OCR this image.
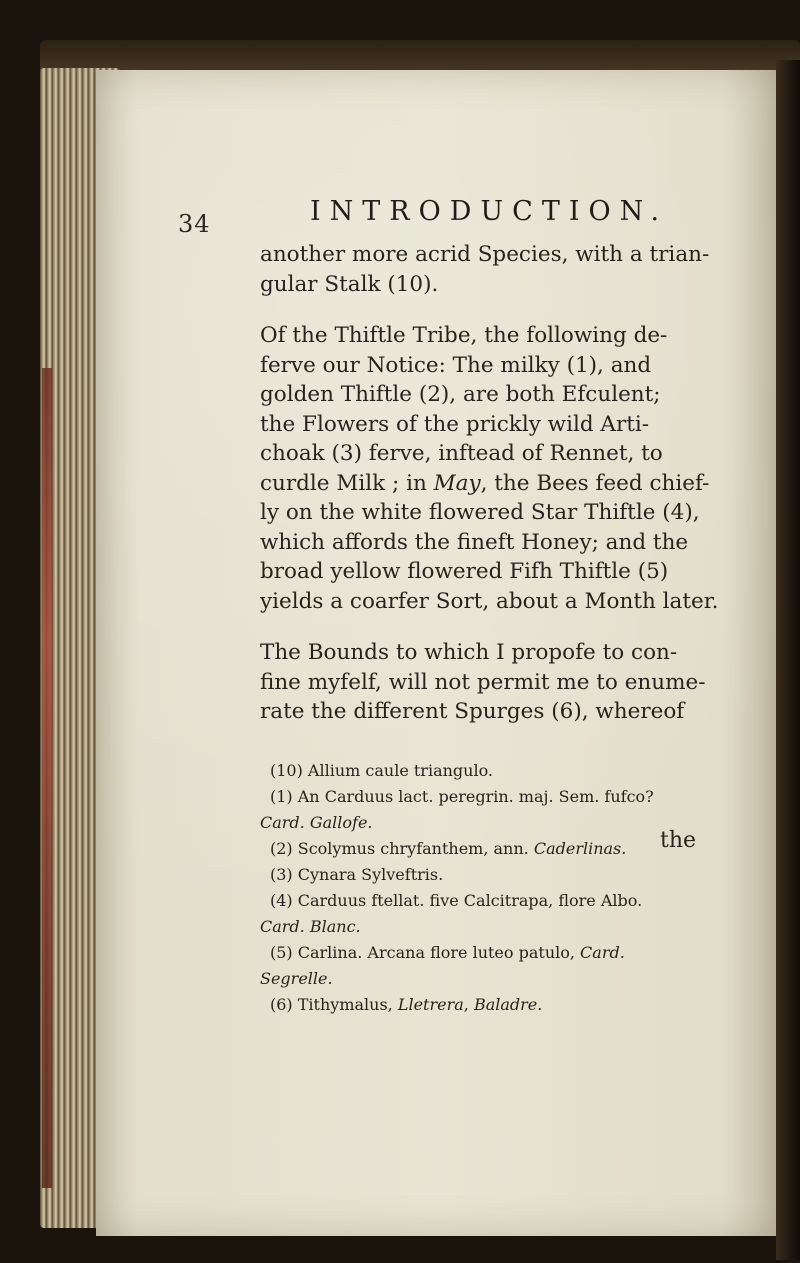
34	INTRODUCTION.
another more acrid Species, with a trian-
gular Stalk (10).
Of the Thiftle Tribe, the following de-
ferve our Notice: The milky (1), and
golden Thiftle (2), are both Efculent;
the Flowers of the prickly wild Arti-
choak (3) ferve, inftead of Rennet, to
curdle Milk ; in May, the Bees feed chief-
ly on the white flowered Star Thiftle (4),
which affords the fineft Honey; and the
broad yellow flowered Fifh Thiftle (5)
yields a coarfer Sort, about a Month later.
The Bounds to which I propofe to con-
fine myfelf, will not permit me to enume-
rate the different Spurges (6), whereof
(10) Allium caule triangulo.
(1) An Carduus lact. peregrin. maj. Sem. fufco?
Card. Gallofe.
(2) Scolymus chryfanthem, ann. Caderlinas.
(3) Cynara Sylveftris.
(4) Carduus ftellat. five Calcitrapa, flore Albo.
Card. Blanc.
(5) Carlina. Arcana flore luteo patulo, Card.
Segrelle.
(6) Tithymalus, Lletrera, Baladre.
the
